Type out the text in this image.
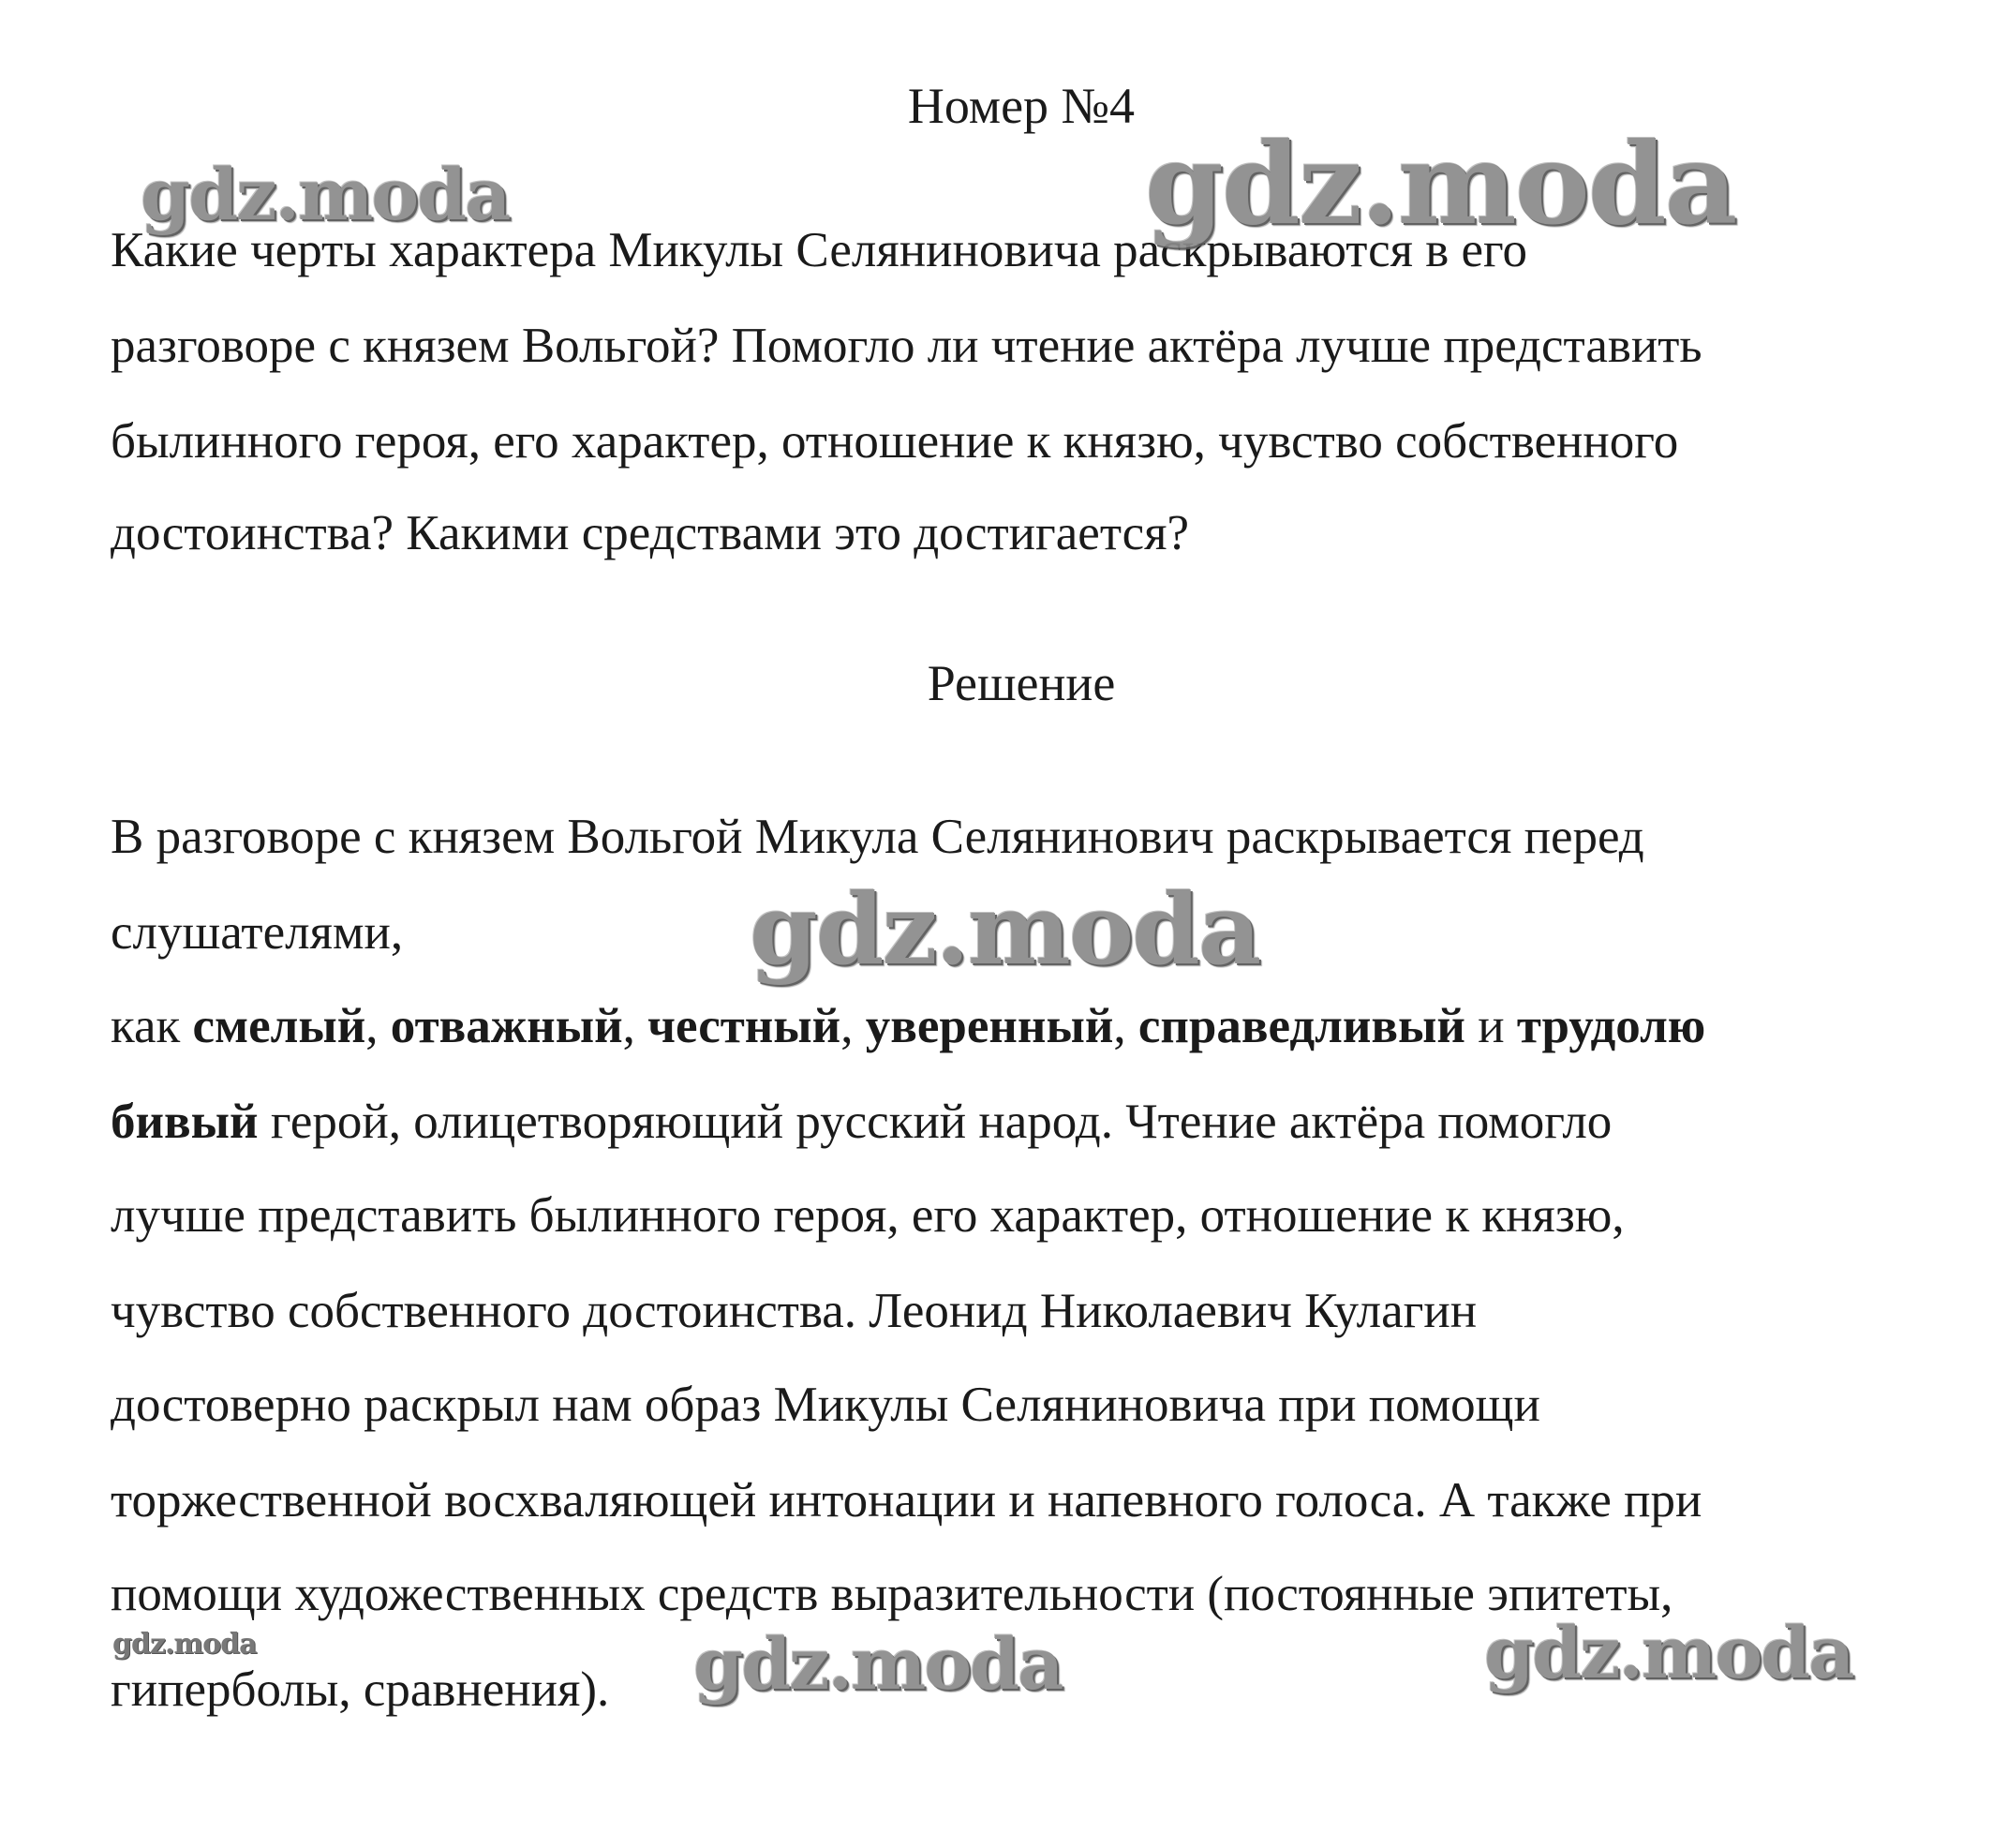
Номер №4
Какие черты характера Микулы Селяниновича раскрываются в его
разговоре с князем Вольгой? Помогло ли чтение актёра лучше представить
былинного героя, его характер, отношение к князю, чувство собственного
достоинства? Какими средствами это достигается?
Решение
В разговоре с князем Вольгой Микула Селянинович раскрывается перед
слушателями,
как смелый, отважный, честный, уверенный, справедливый и трудолю
бивый герой, олицетворяющий русский народ. Чтение актёра помогло
лучше представить былинного героя, его характер, отношение к князю,
чувство собственного достоинства. Леонид Николаевич Кулагин
достоверно раскрыл нам образ Микулы Селяниновича при помощи
торжественной восхваляющей интонации и напевного голоса. А также при
помощи художественных средств выразительности (постоянные эпитеты,
гиперболы, сравнения).
gdz.moda	gdz.moda
gdz.moda
gdz.moda	gdz.moda	gdz.moda
